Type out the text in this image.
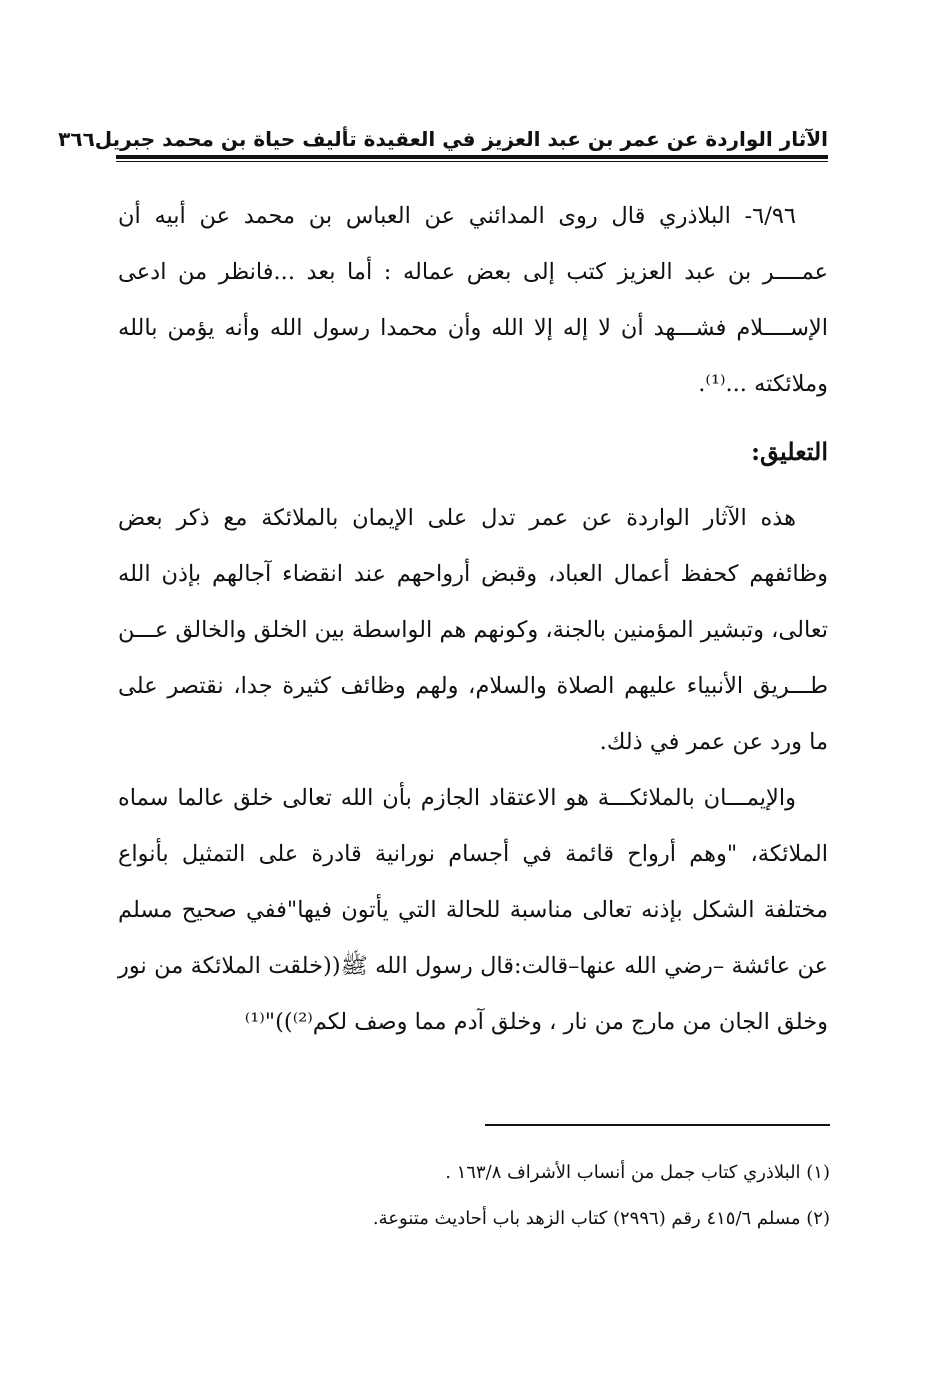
الآثار الواردة عن عمر بن عبد العزيز في العقيدة تأليف حياة بن محمد جبريل
٣٦٦

٦/٩٦- البلاذري قال روى المدائني عن العباس بن محمد عن أبيه أن عمــــر بن عبد العزيز كتب إلى بعض عماله : أما بعد ...فانظر من ادعى الإســــلام فشـــهد أن لا إله إلا الله وأن محمدا رسول الله وأنه يؤمن بالله وملائكته ...⁽¹⁾.

التعليق:

هذه الآثار الواردة عن عمر تدل على الإيمان بالملائكة مع ذكر بعض وظائفهم كحفظ أعمال العباد، وقبض أرواحهم عند انقضاء آجالهم بإذن الله تعالى، وتبشير المؤمنين بالجنة، وكونهم هم الواسطة بين الخلق والخالق عـــن طـــريق الأنبياء عليهم الصلاة والسلام، ولهم وظائف كثيرة جدا، نقتصر على ما ورد عن عمر في ذلك.

والإيمـــان بالملائكـــة هو الاعتقاد الجازم بأن الله تعالى خلق عالما سماه الملائكة، "وهم أرواح قائمة في أجسام نورانية قادرة على التمثيل بأنواع مختلفة الشكل بإذنه تعالى مناسبة للحالة التي يأتون فيها"ففي صحيح مسلم عن عائشة –رضي الله عنها–قالت:قال رسول الله ﷺ((خلقت الملائكة من نور وخلق الجان من مارج من نار ، وخلق آدم مما وصف لكم⁽²⁾))"⁽¹⁾

(١) البلاذري كتاب جمل من أنساب الأشراف ١٦٣/٨ .

(٢) مسلم ٤١٥/٦ رقم (٢٩٩٦) كتاب الزهد باب أحاديث متنوعة.
